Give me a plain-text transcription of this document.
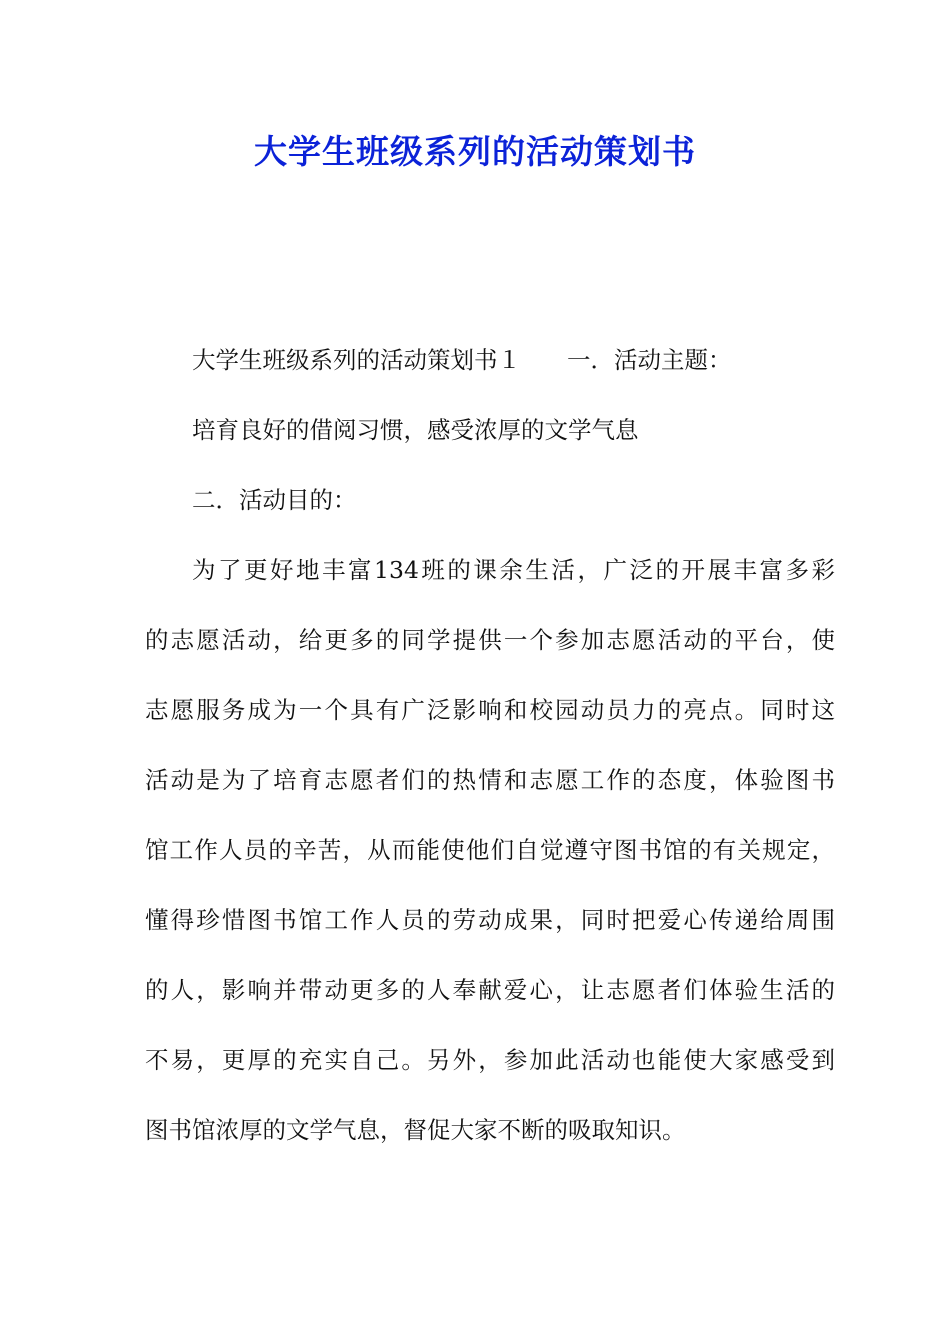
大学生班级系列的活动策划书
大学生班级系列的活动策划书１ 一．活动主题：
培育良好的借阅习惯，感受浓厚的文学气息
二．活动目的：
为了更好地丰富134班的课余生活，广泛的开展丰富多彩
的志愿活动，给更多的同学提供一个参加志愿活动的平台，使
志愿服务成为一个具有广泛影响和校园动员力的亮点。同时这
活动是为了培育志愿者们的热情和志愿工作的态度，体验图书
馆工作人员的辛苦，从而能使他们自觉遵守图书馆的有关规定，
懂得珍惜图书馆工作人员的劳动成果，同时把爱心传递给周围
的人，影响并带动更多的人奉献爱心，让志愿者们体验生活的
不易，更厚的充实自己。另外，参加此活动也能使大家感受到
图书馆浓厚的文学气息，督促大家不断的吸取知识。
